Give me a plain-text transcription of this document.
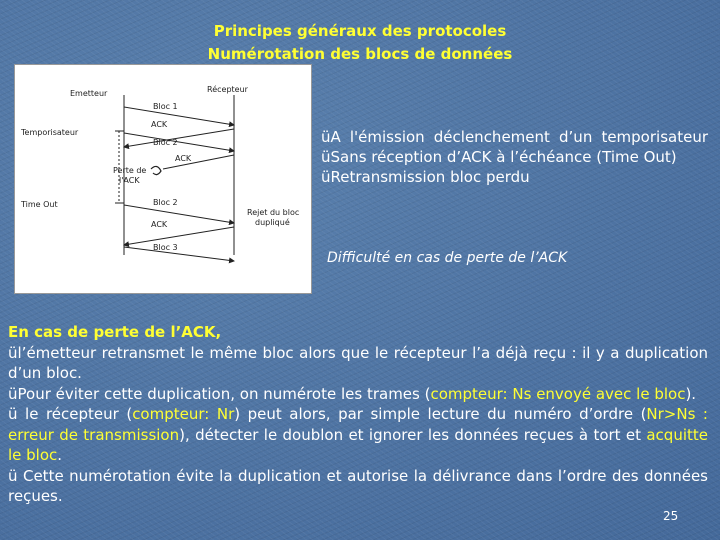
Principes généraux des protocoles
Numérotation des blocs de données
Emetteur	Récepteur
Bloc 1
ACK
Temporisateur
Bloc 2
ACK
Perte de
l'ACK
Time Out	Bloc 2
Rejet du bloc
dupliqué
ACK
Bloc 3
üA l'émission déclenchement d’un temporisateur
üSans réception d’ACK à l’échéance (Time Out)
üRetransmission bloc perdu
Difficulté en cas de perte de l’ACK
En cas de perte de l’ACK,
ül’émetteur retransmet le même bloc alors que le récepteur l’a déjà reçu : il y a duplication d’un bloc.
üPour éviter cette duplication, on numérote les trames (compteur: Ns envoyé avec le bloc).
ü le récepteur (compteur: Nr) peut alors, par simple lecture du numéro d’ordre (Nr>Ns : erreur de transmission), détecter le doublon et ignorer les données reçues à tort et acquitte le bloc.
ü Cette numérotation évite la duplication et autorise la délivrance dans l’ordre des données reçues.
25
